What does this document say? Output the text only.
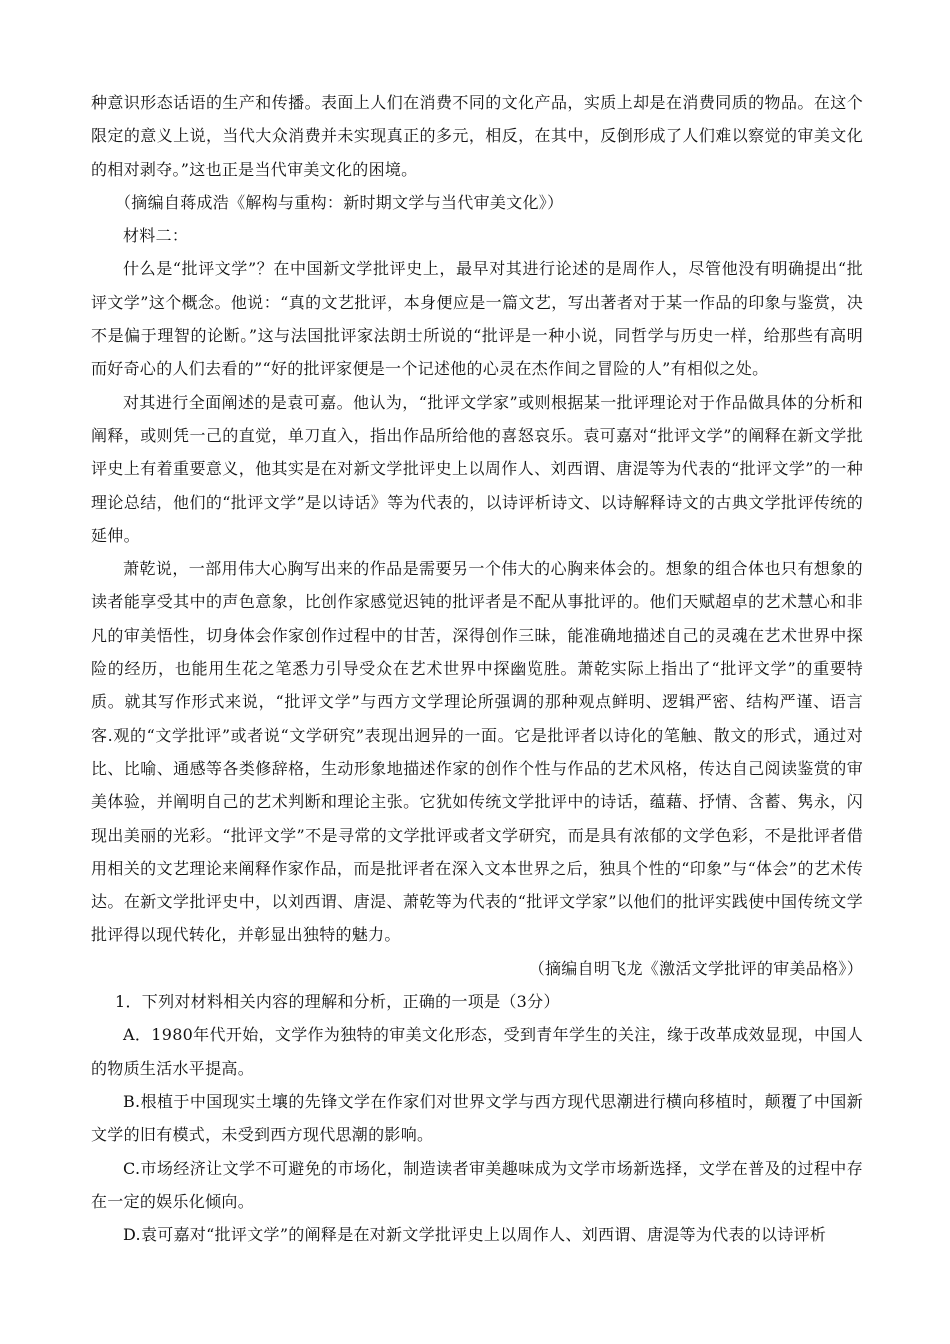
种意识形态话语的生产和传播。表面上人们在消费不同的文化产品，实质上却是在消费同质的物品。在这个限定的意义上说，当代大众消费并未实现真正的多元，相反，在其中，反倒形成了人们难以察觉的审美文化的相对剥夺。”这也正是当代审美文化的困境。

（摘编自蒋成浩《解构与重构：新时期文学与当代审美文化》）

材料二：

什么是“批评文学”？在中国新文学批评史上，最早对其进行论述的是周作人，尽管他没有明确提出“批评文学”这个概念。他说：“真的文艺批评，本身便应是一篇文艺，写出著者对于某一作品的印象与鉴赏，决不是偏于理智的论断。”这与法国批评家法朗士所说的“批评是一种小说，同哲学与历史一样，给那些有高明而好奇心的人们去看的”“好的批评家便是一个记述他的心灵在杰作间之冒险的人”有相似之处。

对其进行全面阐述的是袁可嘉。他认为，“批评文学家”或则根据某一批评理论对于作品做具体的分析和阐释，或则凭一己的直觉，单刀直入，指出作品所给他的喜怒哀乐。袁可嘉对“批评文学”的阐释在新文学批评史上有着重要意义，他其实是在对新文学批评史上以周作人、刘西谓、唐湜等为代表的“批评文学”的一种理论总结，他们的“批评文学”是以诗话》等为代表的，以诗评析诗文、以诗解释诗文的古典文学批评传统的延伸。

萧乾说，一部用伟大心胸写出来的作品是需要另一个伟大的心胸来体会的。想象的组合体也只有想象的读者能享受其中的声色意象，比创作家感觉迟钝的批评者是不配从事批评的。他们天赋超卓的艺术慧心和非凡的审美悟性，切身体会作家创作过程中的甘苦，深得创作三昧，能准确地描述自己的灵魂在艺术世界中探险的经历，也能用生花之笔悉力引导受众在艺术世界中探幽览胜。萧乾实际上指出了“批评文学”的重要特质。就其写作形式来说，“批评文学”与西方文学理论所强调的那种观点鲜明、逻辑严密、结构严谨、语言客.观的“文学批评”或者说“文学研究”表现出迥异的一面。它是批评者以诗化的笔触、散文的形式，通过对比、比喻、通感等各类修辞格，生动形象地描述作家的创作个性与作品的艺术风格，传达自己阅读鉴赏的审美体验，并阐明自己的艺术判断和理论主张。它犹如传统文学批评中的诗话，蕴藉、抒情、含蓄、隽永，闪现出美丽的光彩。“批评文学”不是寻常的文学批评或者文学研究，而是具有浓郁的文学色彩，不是批评者借用相关的文艺理论来阐释作家作品，而是批评者在深入文本世界之后，独具个性的“印象”与“体会”的艺术传达。在新文学批评史中，以刘西谓、唐湜、萧乾等为代表的“批评文学家”以他们的批评实践使中国传统文学批评得以现代转化，并彰显出独特的魅力。

（摘编自明飞龙《激活文学批评的审美品格》）

1．下列对材料相关内容的理解和分析，正确的一项是（3分）

A．1980年代开始，文学作为独特的审美文化形态，受到青年学生的关注，缘于改革成效显现，中国人的物质生活水平提高。

B.根植于中国现实土壤的先锋文学在作家们对世界文学与西方现代思潮进行横向移植时，颠覆了中国新文学的旧有模式，未受到西方现代思潮的影响。

C.市场经济让文学不可避免的市场化，制造读者审美趣味成为文学市场新选择，文学在普及的过程中存在一定的娱乐化倾向。

D.袁可嘉对“批评文学”的阐释是在对新文学批评史上以周作人、刘西谓、唐湜等为代表的以诗评析
